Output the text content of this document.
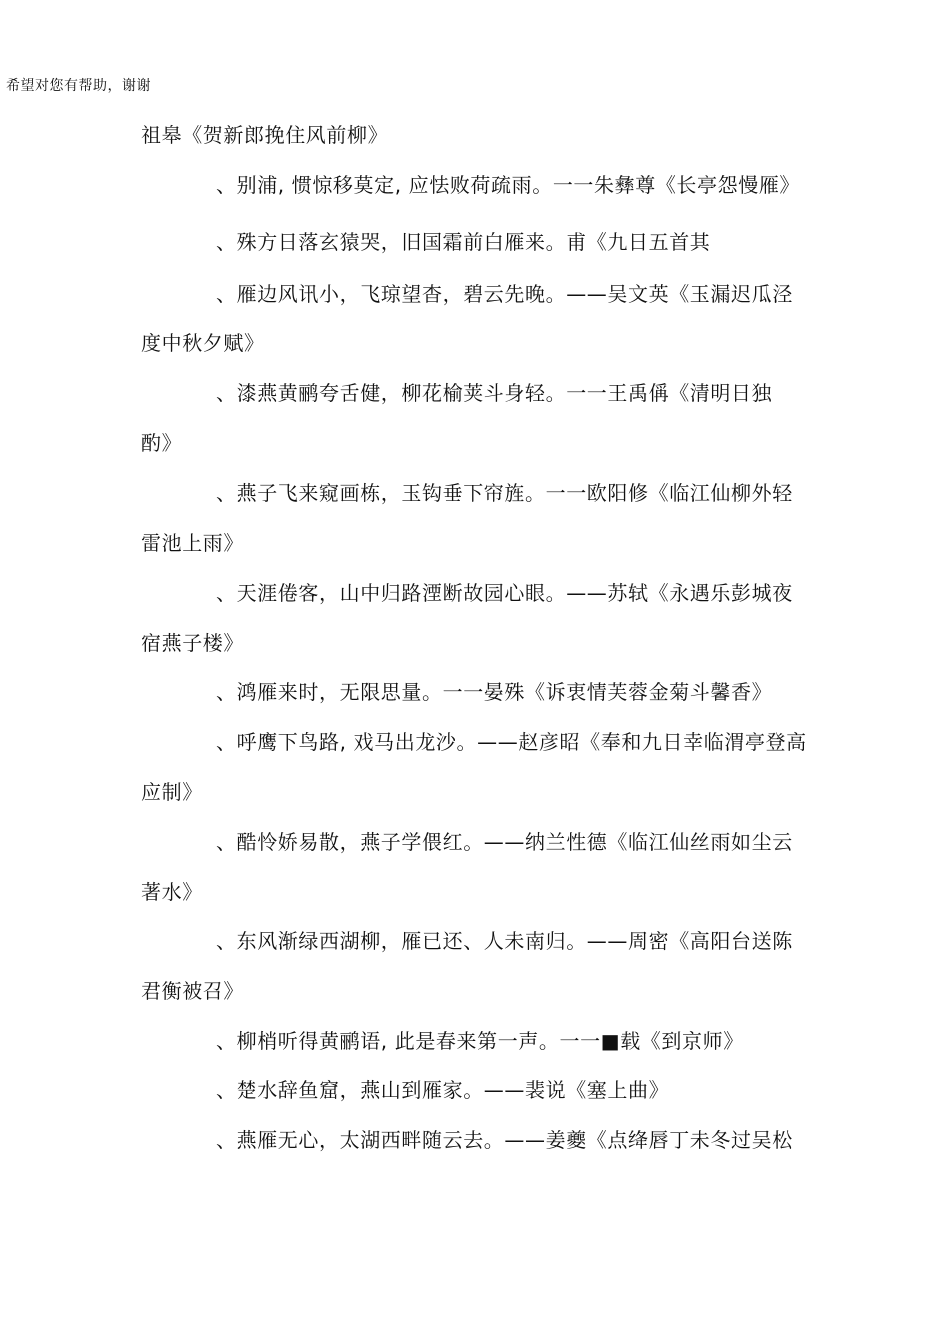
希望对您有帮助，谢谢
祖皋《贺新郎挽住风前柳》
、别浦, 惯惊移莫定, 应怯败荷疏雨。一一朱彝尊《长亭怨慢雁》
、殊方日落玄猿哭，旧国霜前白雁来。甫《九日五首其
、雁边风讯小，飞琼望杳，碧云先晚。——吴文英《玉漏迟瓜泾
度中秋夕赋》
、漆燕黄鹂夸舌健，柳花榆荚斗身轻。一一王禹偁《清明日独
酌》
、燕子飞来窥画栋，玉钩垂下帘旌。一一欧阳修《临江仙柳外轻
雷池上雨》
、天涯倦客，山中归路湮断故园心眼。——苏轼《永遇乐彭城夜
宿燕子楼》
、鸿雁来时，无限思量。一一晏殊《诉衷情芙蓉金菊斗馨香》
、呼鹰下鸟路, 戏马出龙沙。——赵彦昭《奉和九日幸临渭亭登高
应制》
、酷怜娇易散，燕子学偎红。——纳兰性德《临江仙丝雨如尘云
著水》
、东风渐绿西湖柳，雁已还、人未南归。——周密《高阳台送陈
君衡被召》
、柳梢听得黄鹂语, 此是春来第一声。一一■载《到京师》
、楚水辞鱼窟，燕山到雁家。——裴说《塞上曲》
、燕雁无心，太湖西畔随云去。——姜夔《点绛唇丁未冬过吴松
